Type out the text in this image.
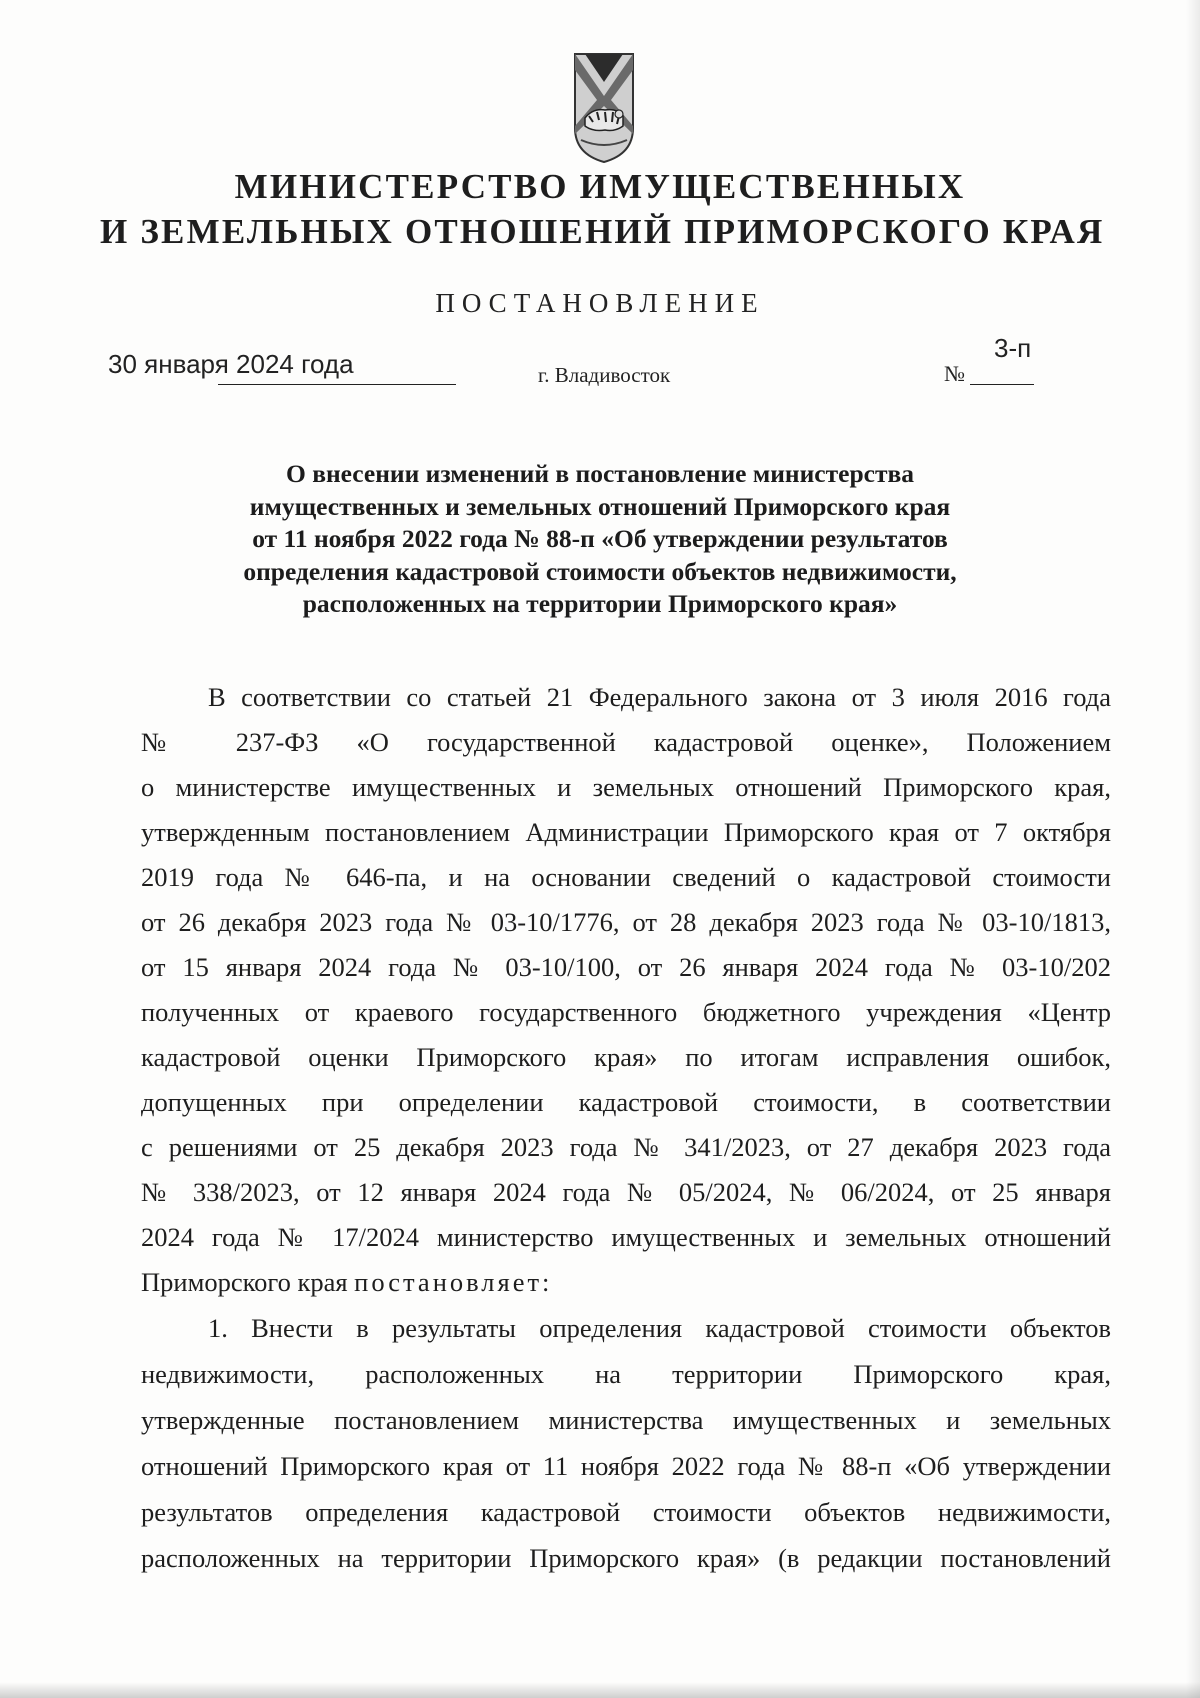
МИНИСТЕРСТВО ИМУЩЕСТВЕННЫХ
И ЗЕМЕЛЬНЫХ ОТНОШЕНИЙ ПРИМОРСКОГО КРАЯ
ПОСТАНОВЛЕНИЕ
30 января 2024 года	г. Владивосток	№
3-п
О внесении изменений в постановление министерства
имущественных и земельных отношений Приморского края
от 11 ноября 2022 года № 88-п «Об утверждении результатов
определения кадастровой стоимости объектов недвижимости,
расположенных на территории Приморского края»
В соответствии со статьей 21 Федерального закона от 3 июля 2016 года
№ 237-ФЗ «О государственной кадастровой оценке», Положением
о министерстве имущественных и земельных отношений Приморского края,
утвержденным постановлением Администрации Приморского края от 7 октября
2019 года № 646-па, и на основании сведений о кадастровой стоимости
от 26 декабря 2023 года № 03-10/1776, от 28 декабря 2023 года № 03-10/1813,
от 15 января 2024 года № 03-10/100, от 26 января 2024 года № 03-10/202
полученных от краевого государственного бюджетного учреждения «Центр
кадастровой оценки Приморского края» по итогам исправления ошибок,
допущенных при определении кадастровой стоимости, в соответствии
с решениями от 25 декабря 2023 года № 341/2023, от 27 декабря 2023 года
№ 338/2023, от 12 января 2024 года № 05/2024, № 06/2024, от 25 января
2024 года № 17/2024 министерство имущественных и земельных отношений
Приморского края постановляет:
1. Внести в результаты определения кадастровой стоимости объектов
недвижимости, расположенных на территории Приморского края,
утвержденные постановлением министерства имущественных и земельных
отношений Приморского края от 11 ноября 2022 года № 88-п «Об утверждении
результатов определения кадастровой стоимости объектов недвижимости,
расположенных на территории Приморского края» (в редакции постановлений
